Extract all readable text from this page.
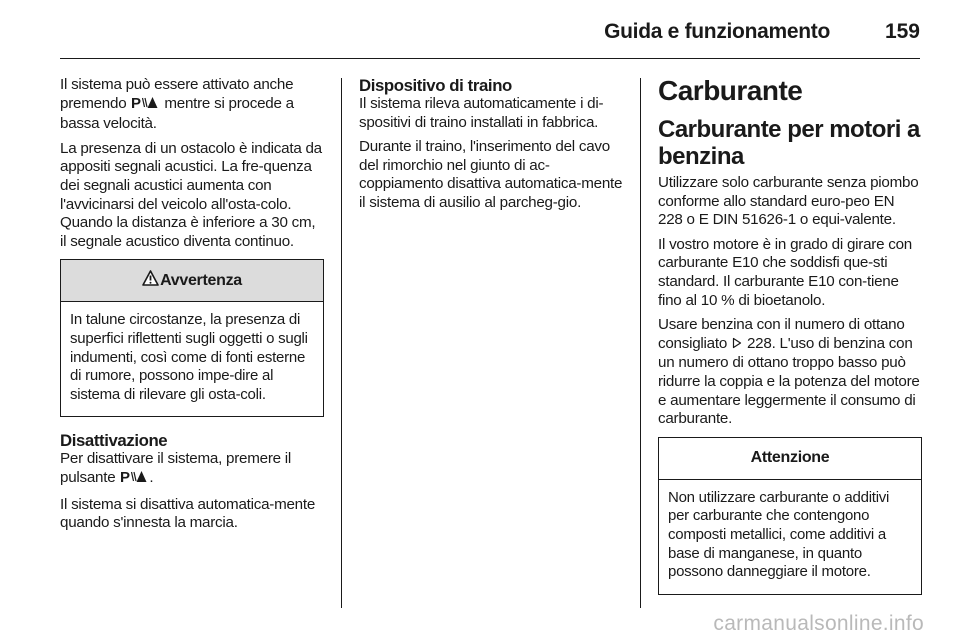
Guida e funzionamento	159

Il sistema può essere attivato anche premendo P mentre si procede a bassa velocità.

La presenza di un ostacolo è indicata da appositi segnali acustici. La fre-quenza dei segnali acustici aumenta con l'avvicinarsi del veicolo all'osta-colo. Quando la distanza è inferiore a 30 cm, il segnale acustico diventa continuo.

Avvertenza

In talune circostanze, la presenza di superfici riflettenti sugli oggetti o sugli indumenti, così come di fonti esterne di rumore, possono impe-dire al sistema di rilevare gli osta-coli.

Disattivazione

Per disattivare il sistema, premere il pulsante P .

Il sistema si disattiva automatica-mente quando s'innesta la marcia.

Dispositivo di traino

Il sistema rileva automaticamente i di-spositivi di traino installati in fabbrica.

Durante il traino, l'inserimento del cavo del rimorchio nel giunto di ac-coppiamento disattiva automatica-mente il sistema di ausilio al parcheg-gio.

Carburante
Carburante per motori a benzina

Utilizzare solo carburante senza piombo conforme allo standard euro-peo EN 228 o E DIN 51626-1 o equi-valente.

Il vostro motore è in grado di girare con carburante E10 che soddisfi que-sti standard. Il carburante E10 con-tiene fino al 10 % di bioetanolo.

Usare benzina con il numero di ottano consigliato 228. L'uso di benzina con un numero di ottano troppo basso può ridurre la coppia e la potenza del motore e aumentare leggermente il consumo di carburante.

Attenzione

Non utilizzare carburante o additivi per carburante che contengono composti metallici, come additivi a base di manganese, in quanto possono danneggiare il motore.

carmanualsonline.info
